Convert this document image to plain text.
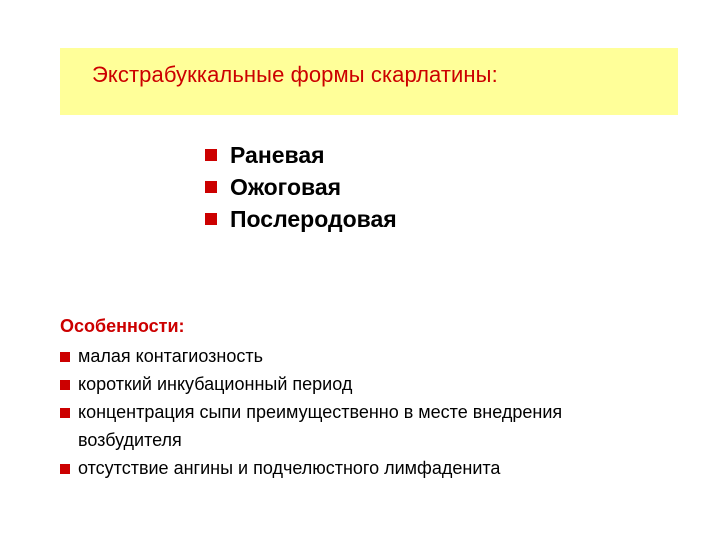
Экстрабуккальные формы скарлатины:
Раневая
Ожоговая
Послеродовая
Особенности:
малая контагиозность
короткий инкубационный период
концентрация сыпи преимущественно в месте внедрения возбудителя
отсутствие ангины и подчелюстного лимфаденита
